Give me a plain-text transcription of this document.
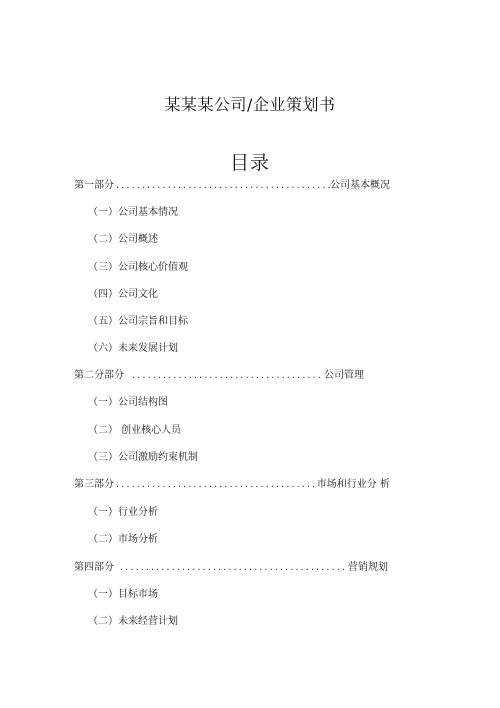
某某某公司/企业策划书
目录
第一部分 . . .	公司基本概况
（一）公司基本情况
（二）公司概述
（三）公司核心价值观
（四）公司文化
（五）公司宗旨和目标
（六）未来发展计划
第二分部分 . . .	公司管理
（一）公司结构图
（二） 创业核心人员
（三）公司激励约束机制
第三部分 . . .	市场和行业分 析
（一）行业分析
（二）市场分析
第四部分 . . .	营销规划
（一）目标市场
（二）未来经营计划
